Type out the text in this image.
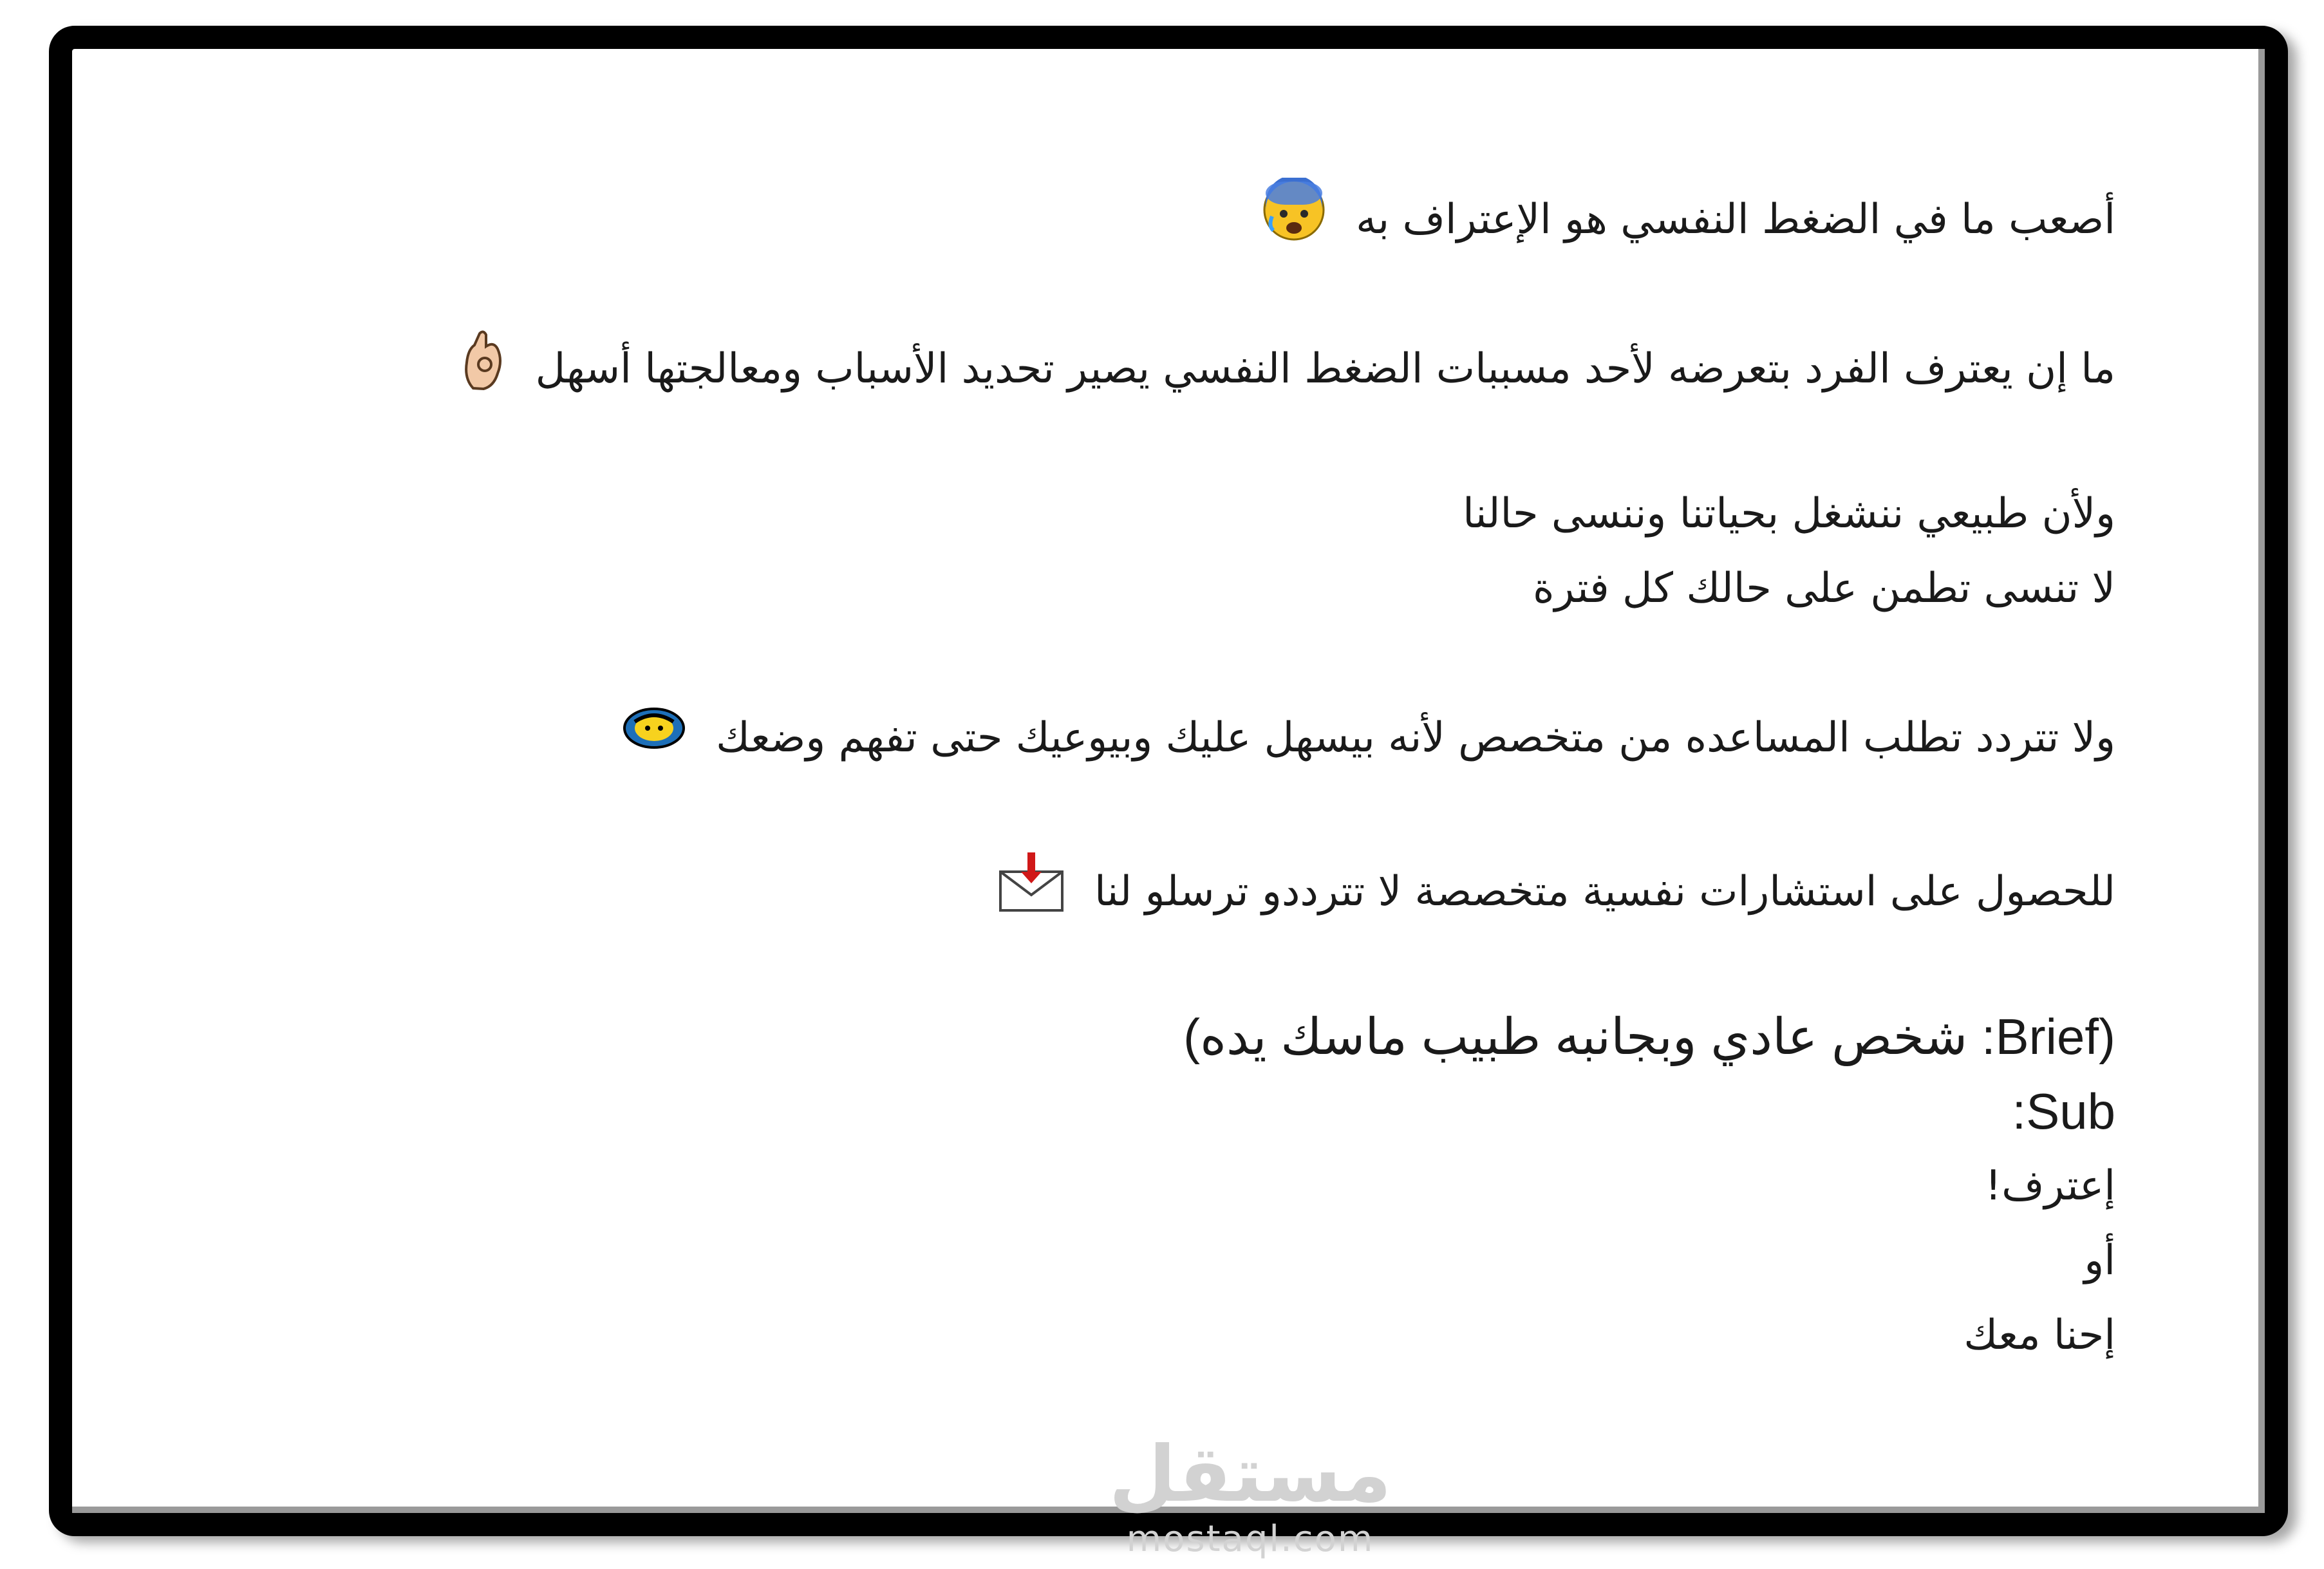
أصعب ما في الضغط النفسي هو الإعتراف به
ما إن يعترف الفرد بتعرضه لأحد مسببات الضغط النفسي يصير تحديد الأسباب ومعالجتها أسهل
ولأن طبيعي ننشغل بحياتنا وننسى حالنا
لا تنسى تطمن على حالك كل فترة
ولا تتردد تطلب المساعده من متخصص لأنه بيسهل عليك وبيوعيك حتى تفهم وضعك
للحصول على استشارات نفسية متخصصة لا تترددو ترسلو لنا
(Brief: شخص عادي وبجانبه طبيب ماسك يده)
Sub:
إعترف!
أو
إحنا معك
مستقل
mostaql.com
